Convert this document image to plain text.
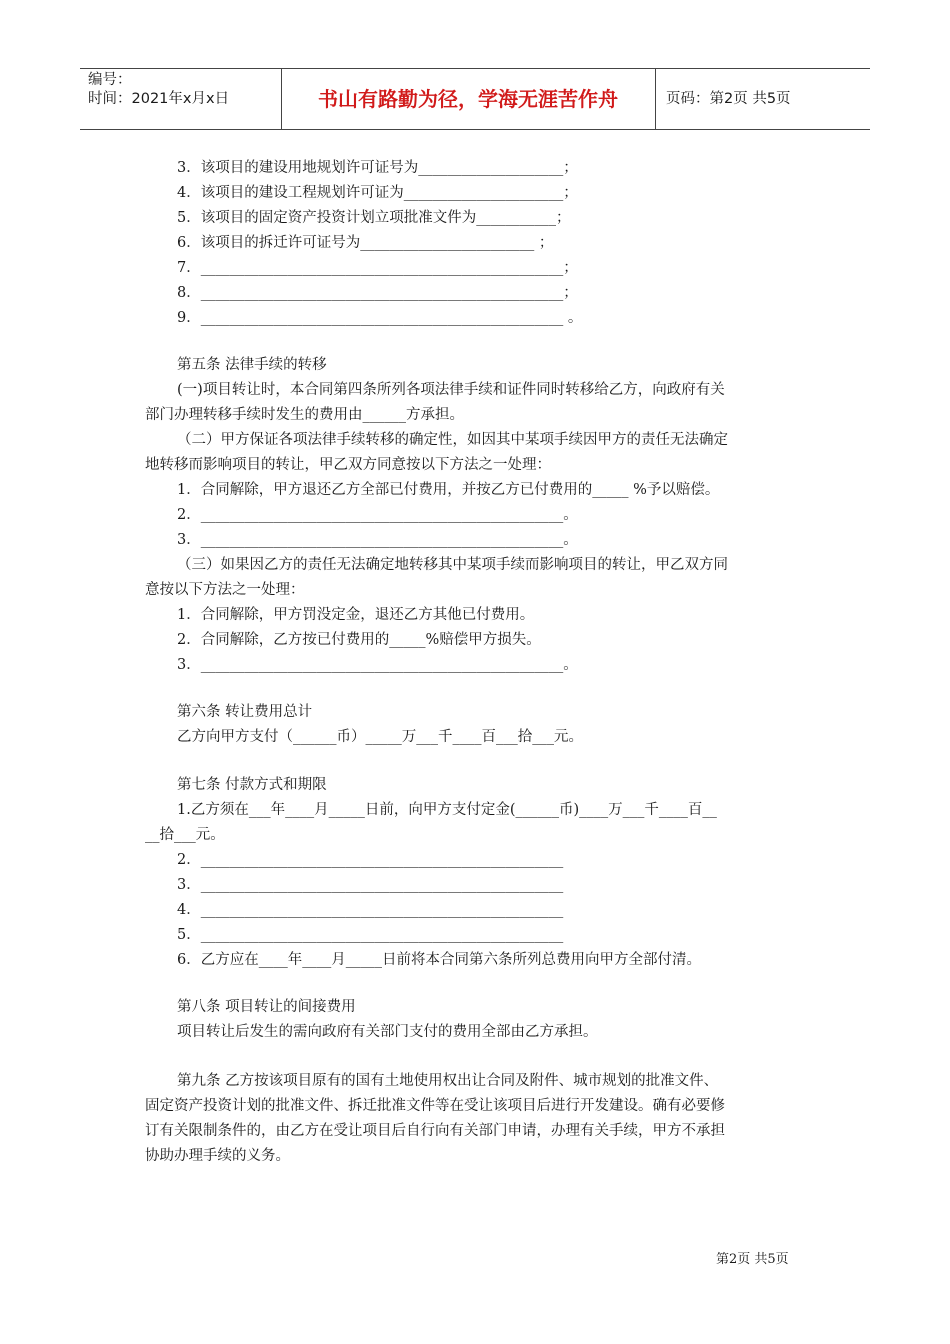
编号：
时间：2021年x月x日	书山有路勤为径，学海无涯苦作舟	页码：第2页 共5页
3．该项目的建设用地规划许可证号为____________________；
4．该项目的建设工程规划许可证为______________________；
5．该项目的固定资产投资计划立项批准文件为___________；
6．该项目的拆迁许可证号为________________________ ；
7．__________________________________________________；
8．__________________________________________________；
9．__________________________________________________ 。
第五条 法律手续的转移
(一)项目转让时，本合同第四条所列各项法律手续和证件同时转移给乙方，向政府有关
部门办理转移手续时发生的费用由______方承担。
（二）甲方保证各项法律手续转移的确定性，如因其中某项手续因甲方的责任无法确定
地转移而影响项目的转让，甲乙双方同意按以下方法之一处理：
1．合同解除，甲方退还乙方全部已付费用，并按乙方已付费用的_____ %予以赔偿。
2．__________________________________________________。
3．__________________________________________________。
（三）如果因乙方的责任无法确定地转移其中某项手续而影响项目的转让，甲乙双方同
意按以下方法之一处理：
1．合同解除，甲方罚没定金，退还乙方其他已付费用。
2．合同解除，乙方按已付费用的_____%赔偿甲方损失。
3．__________________________________________________。
第六条 转让费用总计
乙方向甲方支付（______币）_____万___千____百___拾___元。
第七条 付款方式和期限
1.乙方须在___年____月_____日前，向甲方支付定金(______币)____万___千____百__
__拾___元。
2．__________________________________________________
3．__________________________________________________
4．__________________________________________________
5．__________________________________________________
6．乙方应在____年____月_____日前将本合同第六条所列总费用向甲方全部付清。
第八条 项目转让的间接费用
项目转让后发生的需向政府有关部门支付的费用全部由乙方承担。
第九条 乙方按该项目原有的国有土地使用权出让合同及附件、城市规划的批准文件、
固定资产投资计划的批准文件、拆迁批准文件等在受让该项目后进行开发建设。确有必要修
订有关限制条件的，由乙方在受让项目后自行向有关部门申请，办理有关手续，甲方不承担
协助办理手续的义务。
第2页 共5页
